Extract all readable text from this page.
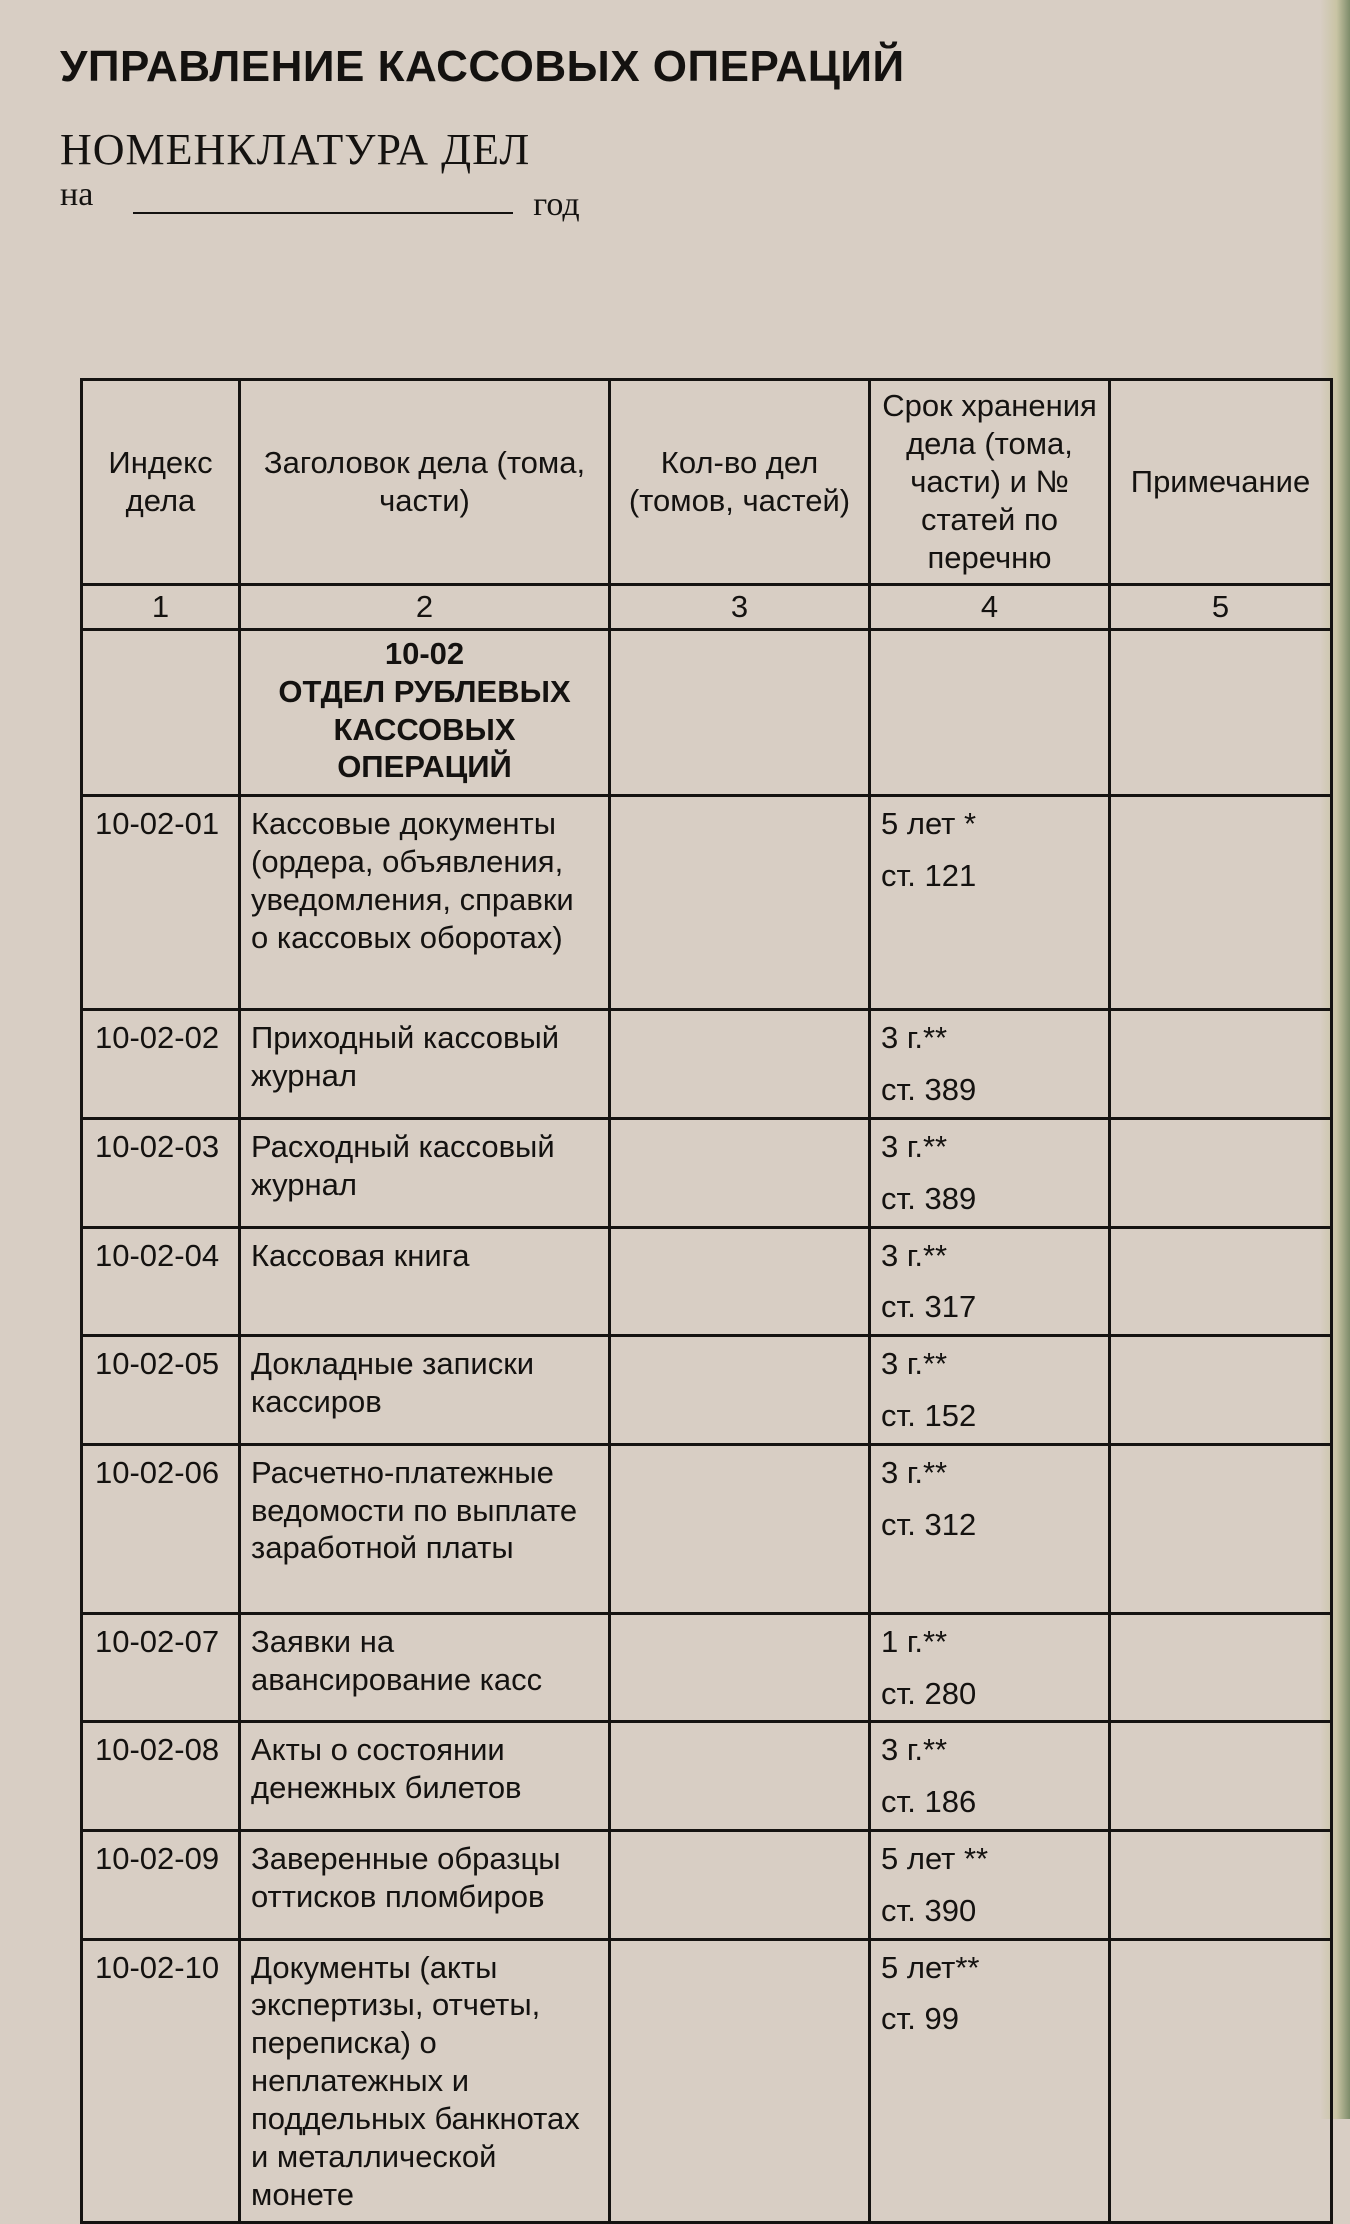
УПРАВЛЕНИЕ КАССОВЫХ ОПЕРАЦИЙ
НОМЕНКЛАТУРА ДЕЛ
на	год
Индекс дела	Заголовок дела (тома, части)	Кол-во дел (томов, частей)	Срок хранения дела (тома, части) и № статей по перечню	Примечание
1	2	3	4	5
	10-02
ОТДЕЛ РУБЛЕВЫХ КАССОВЫХ ОПЕРАЦИЙ			
10-02-01	Кассовые документы (ордера, объявления, уведомления, справки о кассовых оборотах)		5 лет *
ст. 121	

10-02-02	Приходный кассовый журнал		3 г.**
ст. 389	

10-02-03	Расходный кассовый журнал		3 г.**
ст. 389	

10-02-04	Кассовая книга		3 г.**
ст. 317	

10-02-05	Докладные записки кассиров		3 г.**
ст. 152	

10-02-06	Расчетно-платежные ведомости по выплате заработной платы		3 г.**
ст. 312	

10-02-07	Заявки на авансирование касс		1 г.**
ст. 280	

10-02-08	Акты о состоянии денежных билетов		3 г.**
ст. 186	

10-02-09	Заверенные образцы оттисков пломбиров		5 лет **
ст. 390	

10-02-10	Документы (акты экспертизы, отчеты, переписка) о неплатежных и поддельных банкнотах и металлической монете		5 лет**
ст. 99	
